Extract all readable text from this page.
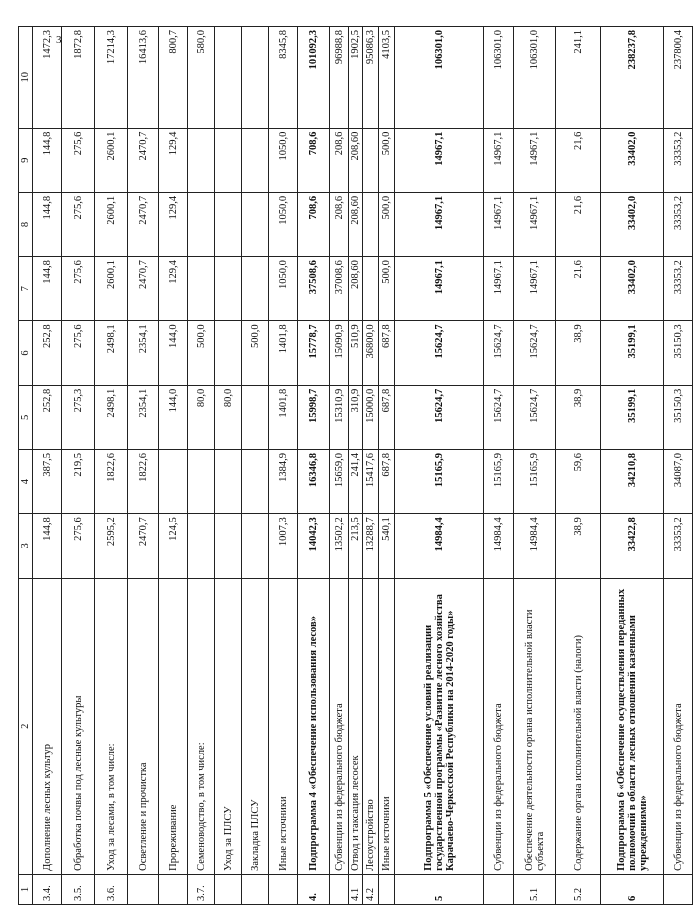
3
1	2	3	4	5	6	7	8	9	10
3.4.	Дополнение лесных культур	144,8	387,5	252,8	252,8	144,8	144,8	144,8	1472,3
3.5.	Обработка почвы под лесные культуры	275,6	219,5	275,3	275,6	275,6	275,6	275,6	1872,8
3.6.	Уход за лесами, в том числе:	2595,2	1822,6	2498,1	2498,1	2600,1	2600,1	2600,1	17214,3
	Осветление и прочистка	2470,7	1822,6	2354,1	2354,1	2470,7	2470,7	2470,7	16413,6
	Прореживание	124,5		144,0	144,0	129,4	129,4	129,4	800,7
3.7.	Семеноводство, в том числе:			80,0	500,0				580,0
	Уход за ПЛСУ			80,0					
	Закладка ПЛСУ				500,0				
	Иные источники	1007,3	1384,9	1401,8	1401,8	1050,0	1050,0	1050,0	8345,8
4.	Подпрограмма 4 «Обеспечение использования лесов»	14042,3	16346,8	15998,7	15778,7	37508,6	708,6	708,6	101092,3
	Субвенции из федерального бюджета	13502,2	15659,0	15310,9	15090,9	37008,6	208,6	208,6	96988,8
4.1	Отвод и таксация лесосек	213,5	241,4	310,9	510,9	208,60	208,60	208,60	1902,5
4.2	Лесоустройство	13288,7	15417,6	15000,0	36800,0				95086,3
	Иные источники	540,1	687,8	687,8	687,8	500,0	500,0	500,0	4103,5
5	Подпрограмма 5 «Обеспечение условий реализации государственной программы «Развитие лесного хозяйства Карачаево-Черкесской Республики на 2014-2020 годы»	14984,4	15165,9	15624,7	15624,7	14967,1	14967,1	14967,1	106301,0
	Субвенции из федерального бюджета	14984,4	15165,9	15624,7	15624,7	14967,1	14967,1	14967,1	106301,0
5.1	Обеспечение деятельности органа исполнительной власти субъекта	14984,4	15165,9	15624,7	15624,7	14967,1	14967,1	14967,1	106301,0
5.2	Содержание органа исполнительной власти (налоги)	38,9	59,6	38,9	38,9	21,6	21,6	21,6	241,1
6	Подпрограмма 6 «Обеспечение осуществления переданных полномочий в области лесных отношений казенными учреждениями»	33422,8	34210,8	35199,1	35199,1	33402,0	33402,0	33402,0	238237,8
	Субвенции из федерального бюджета	33353,2	34087,0	35150,3	35150,3	33353,2	33353,2	33353,2	237800,4
